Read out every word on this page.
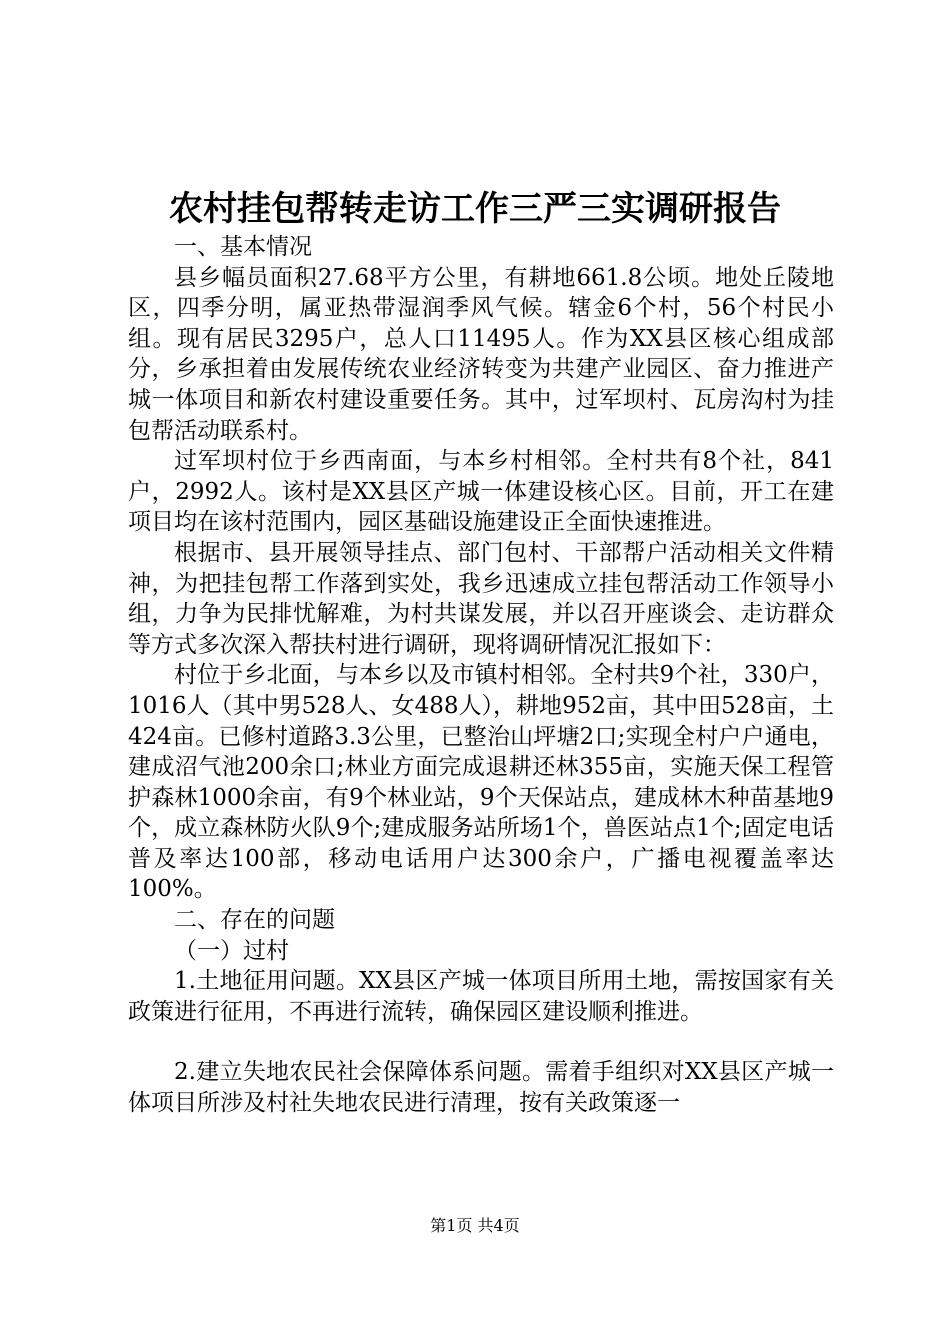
农村挂包帮转走访工作三严三实调研报告

一、基本情况

县乡幅员面积27.68平方公里，有耕地661.8公顷。地处丘陵地区，四季分明，属亚热带湿润季风气候。辖金6个村，56个村民小组。现有居民3295户，总人口11495人。作为XX县区核心组成部分，乡承担着由发展传统农业经济转变为共建产业园区、奋力推进产城一体项目和新农村建设重要任务。其中，过军坝村、瓦房沟村为挂包帮活动联系村。

过军坝村位于乡西南面，与本乡村相邻。全村共有8个社，841户，2992人。该村是XX县区产城一体建设核心区。目前，开工在建项目均在该村范围内，园区基础设施建设正全面快速推进。

根据市、县开展领导挂点、部门包村、干部帮户活动相关文件精神，为把挂包帮工作落到实处，我乡迅速成立挂包帮活动工作领导小组，力争为民排忧解难，为村共谋发展，并以召开座谈会、走访群众等方式多次深入帮扶村进行调研，现将调研情况汇报如下：

村位于乡北面，与本乡以及市镇村相邻。全村共9个社，330户，1016人（其中男528人、女488人），耕地952亩，其中田528亩，土424亩。已修村道路3.3公里，已整治山坪塘2口;实现全村户户通电，建成沼气池200余口;林业方面完成退耕还林355亩，实施天保工程管护森林1000余亩，有9个林业站，9个天保站点，建成林木种苗基地9个，成立森林防火队9个;建成服务站所场1个，兽医站点1个;固定电话普及率达100部，移动电话用户达300余户，广播电视覆盖率达100%。

二、存在的问题

（一）过村

1.土地征用问题。XX县区产城一体项目所用土地，需按国家有关政策进行征用，不再进行流转，确保园区建设顺利推进。

2.建立失地农民社会保障体系问题。需着手组织对XX县区产城一体项目所涉及村社失地农民进行清理，按有关政策逐一

第1页 共4页
